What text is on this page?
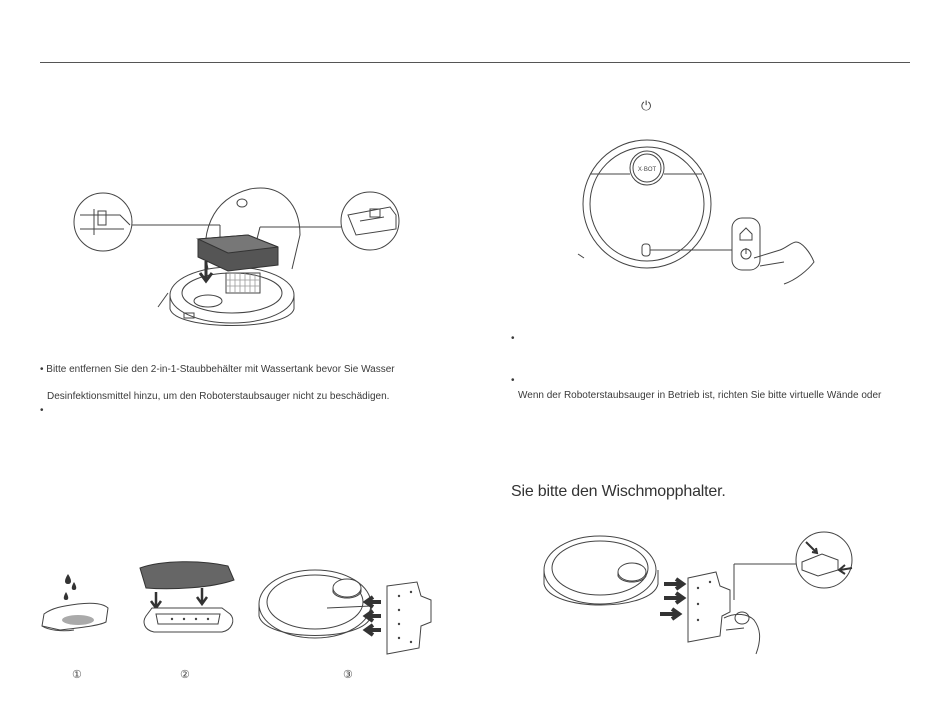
• Bitte entfernen Sie den 2-in-1-Staubbehälter mit Wassertank bevor Sie Wasser
Desinfektionsmittel hinzu, um den Roboterstaubsauger nicht zu beschädigen.
•
①	②	③
⏻
X·BOT
•
•
Wenn der Roboterstaubsauger in Betrieb ist, richten Sie bitte virtuelle Wände oder
Sie bitte den Wischmopphalter.
